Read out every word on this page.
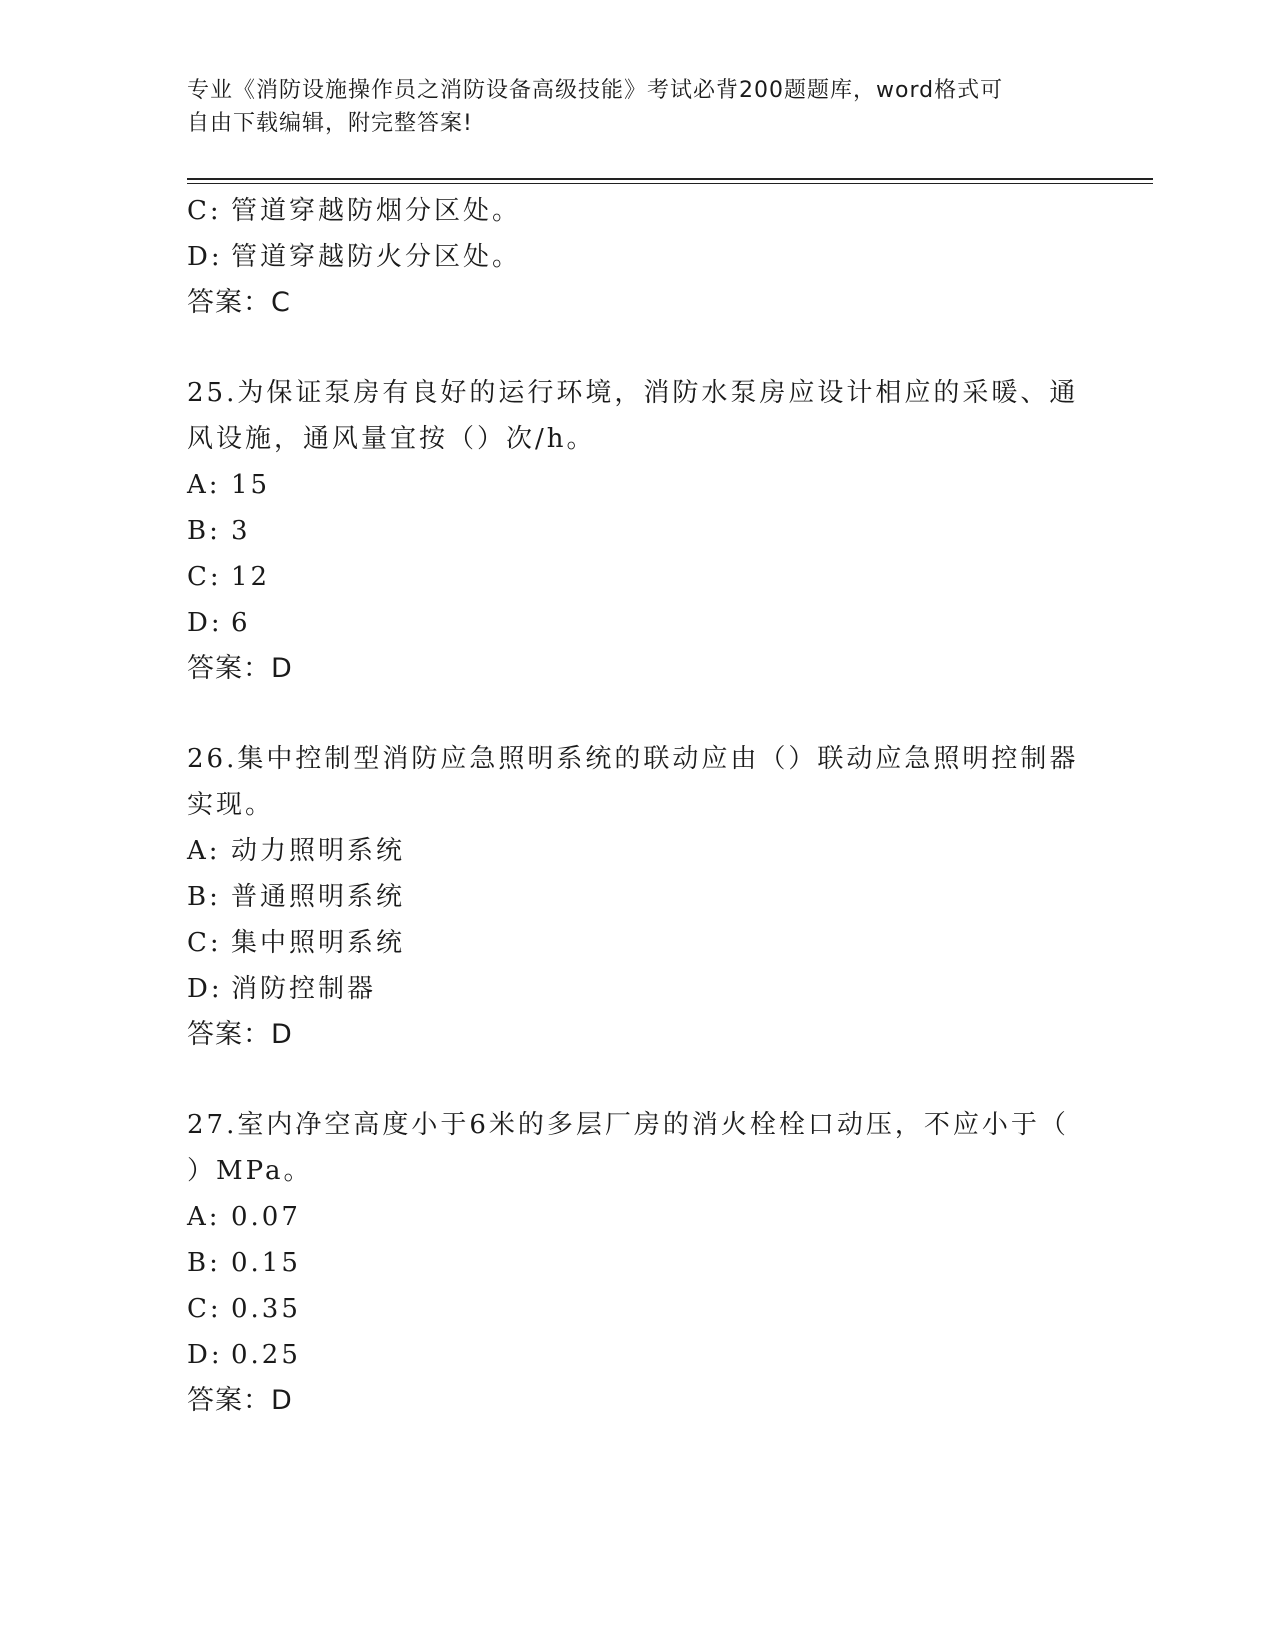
专业《消防设施操作员之消防设备高级技能》考试必背200题题库，word格式可
自由下载编辑，附完整答案!
C: 管道穿越防烟分区处。
D: 管道穿越防火分区处。
答案：C
25.为保证泵房有良好的运行环境，消防水泵房应设计相应的采暖、通
风设施，通风量宜按（）次/h。
A: 15
B: 3
C: 12
D: 6
答案：D
26.集中控制型消防应急照明系统的联动应由（）联动应急照明控制器
实现。
A: 动力照明系统
B: 普通照明系统
C: 集中照明系统
D: 消防控制器
答案：D
27.室内净空高度小于6米的多层厂房的消火栓栓口动压，不应小于（
）MPa。
A: 0.07
B: 0.15
C: 0.35
D: 0.25
答案：D
